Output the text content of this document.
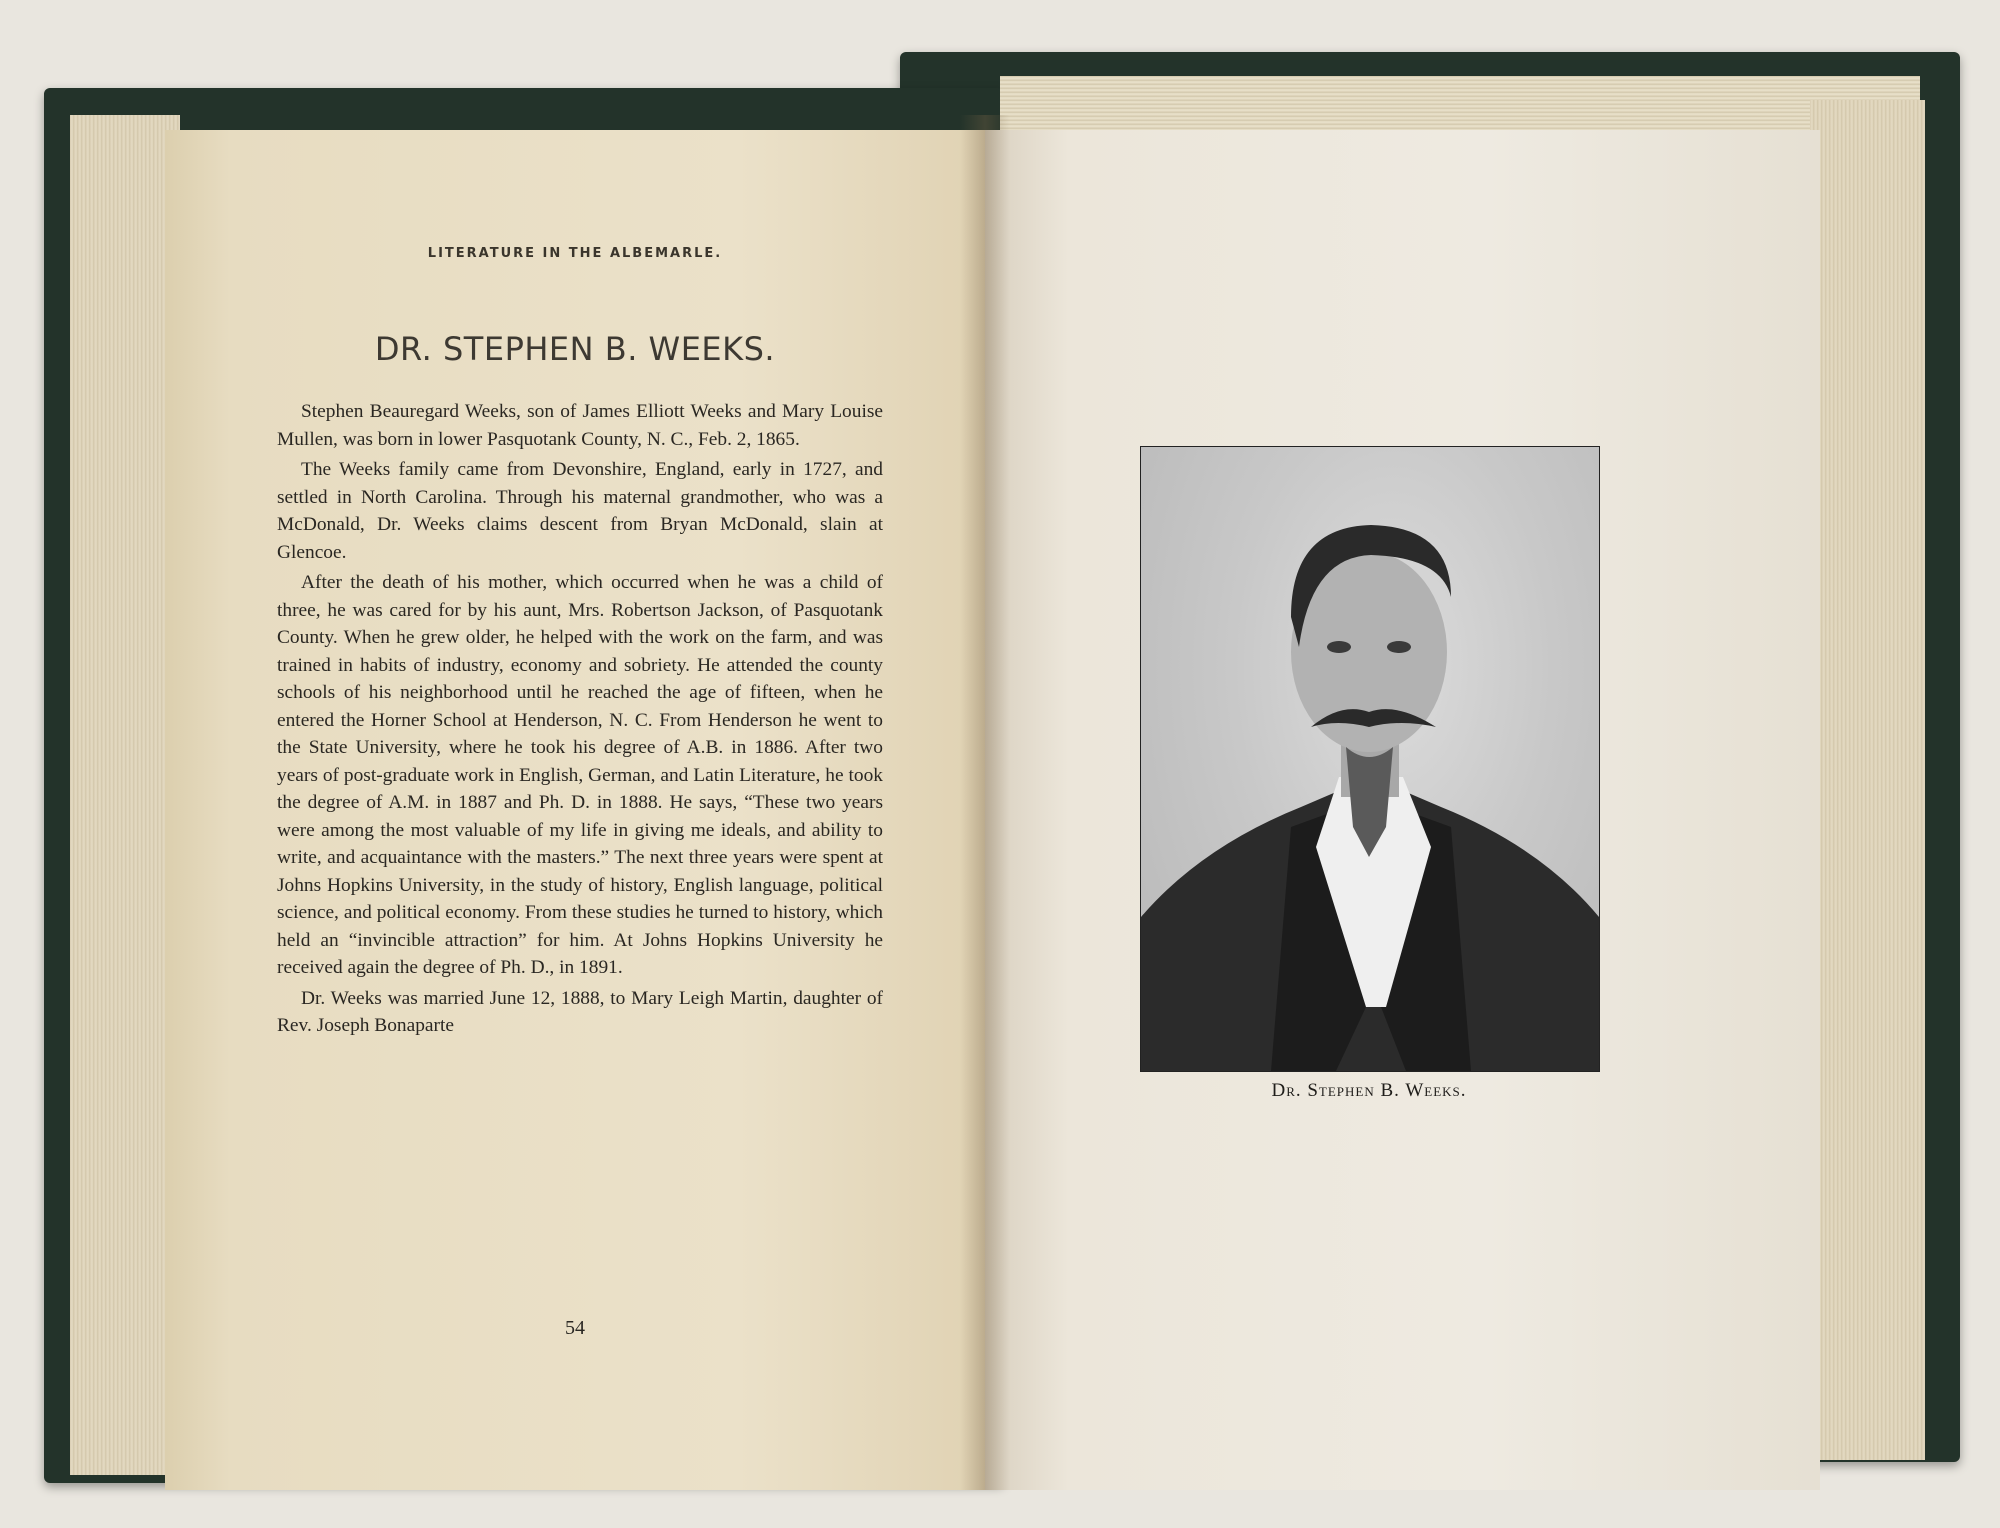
LITERATURE IN THE ALBEMARLE.
DR. STEPHEN B. WEEKS.

Stephen Beauregard Weeks, son of James Elliott Weeks and Mary Louise Mullen, was born in lower Pasquotank County, N. C., Feb. 2, 1865.

The Weeks family came from Devonshire, England, early in 1727, and settled in North Carolina. Through his maternal grandmother, who was a McDonald, Dr. Weeks claims descent from Bryan McDonald, slain at Glencoe.

After the death of his mother, which occurred when he was a child of three, he was cared for by his aunt, Mrs. Robertson Jackson, of Pasquotank County. When he grew older, he helped with the work on the farm, and was trained in habits of industry, economy and sobriety. He attended the county schools of his neighborhood until he reached the age of fifteen, when he entered the Horner School at Henderson, N. C. From Henderson he went to the State University, where he took his degree of A.B. in 1886. After two years of post-graduate work in English, German, and Latin Literature, he took the degree of A.M. in 1887 and Ph. D. in 1888. He says, “These two years were among the most valuable of my life in giving me ideals, and ability to write, and acquaintance with the masters.” The next three years were spent at Johns Hopkins University, in the study of history, English language, political science, and political economy. From these studies he turned to history, which held an “invincible attraction” for him. At Johns Hopkins University he received again the degree of Ph. D., in 1891.

Dr. Weeks was married June 12, 1888, to Mary Leigh Martin, daughter of Rev. Joseph Bonaparte

54
Dr. Stephen B. Weeks.
